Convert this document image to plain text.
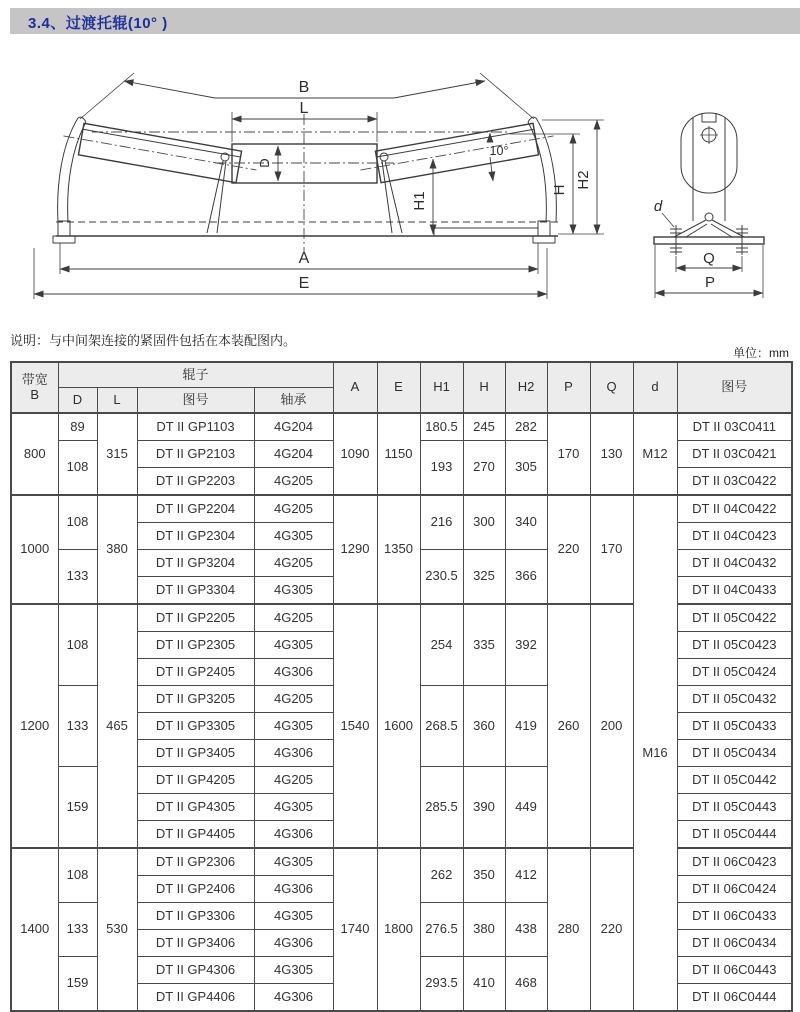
3.4、过渡托辊(10° )
B
L
D
10°
H1
H
H2
A
E
d
Q
P
说明：与中间架连接的紧固件包括在本装配图内。
单位：mm
带宽
B	辊子				A	E	H1	H	H2	P	Q	d	图号
	D	L	图号	轴承									
800	89	315	DT II GP1103	4G204	1090	1150	180.5	245	282	170	130	M12	DT II 03C0411
	108		DT II GP2103	4G204			193	270	305				DT II 03C0421
			DT II GP2203	4G205									DT II 03C0422
1000	108	380	DT II GP2204	4G205	1290	1350	216	300	340	220	170	M16	DT II 04C0422
			DT II GP2304	4G305									DT II 04C0423
	133		DT II GP3204	4G205			230.5	325	366				DT II 04C0432
			DT II GP3304	4G305									DT II 04C0433
1200	108	465	DT II GP2205	4G205	1540	1600	254	335	392	260	200		DT II 05C0422
			DT II GP2305	4G305									DT II 05C0423
			DT II GP2405	4G306									DT II 05C0424
	133		DT II GP3205	4G205			268.5	360	419				DT II 05C0432
			DT II GP3305	4G305									DT II 05C0433
			DT II GP3405	4G306									DT II 05C0434
	159		DT II GP4205	4G205			285.5	390	449				DT II 05C0442
			DT II GP4305	4G305									DT II 05C0443
			DT II GP4405	4G306									DT II 05C0444
1400	108	530	DT II GP2306	4G305	1740	1800	262	350	412	280	220		DT II 06C0423
			DT II GP2406	4G306									DT II 06C0424
	133		DT II GP3306	4G305			276.5	380	438				DT II 06C0433
			DT II GP3406	4G306									DT II 06C0434
	159		DT II GP4306	4G305			293.5	410	468				DT II 06C0443
			DT II GP4406	4G306									DT II 06C0444
